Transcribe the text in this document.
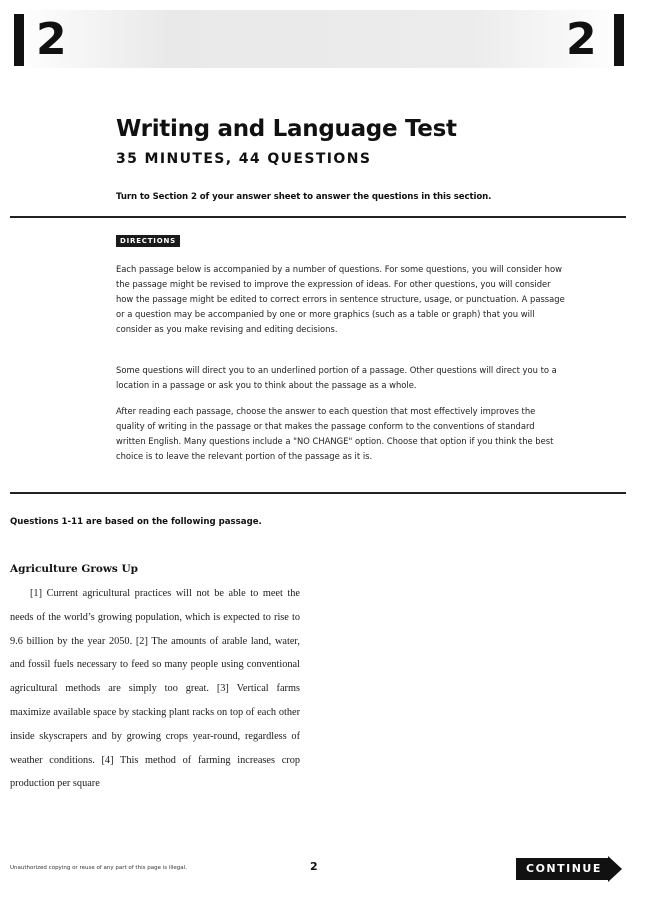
2	2
Writing and Language Test
35 MINUTES, 44 QUESTIONS

Turn to Section 2 of your answer sheet to answer the questions in this section.

DIRECTIONS

Each passage below is accompanied by a number of questions. For some questions, you will consider how the passage might be revised to improve the expression of ideas. For other questions, you will consider how the passage might be edited to correct errors in sentence structure, usage, or punctuation. A passage or a question may be accompanied by one or more graphics (such as a table or graph) that you will consider as you make revising and editing decisions.

Some questions will direct you to an underlined portion of a passage. Other questions will direct you to a location in a passage or ask you to think about the passage as a whole.

After reading each passage, choose the answer to each question that most effectively improves the quality of writing in the passage or that makes the passage conform to the conventions of standard written English. Many questions include a "NO CHANGE" option. Choose that option if you think the best choice is to leave the relevant portion of the passage as it is.

Questions 1-11 are based on the following passage.

Agriculture Grows Up

[1] Current agricultural practices will not be able to meet the needs of the world’s growing population, which is expected to rise to 9.6 billion by the year 2050. [2] The amounts of arable land, water, and fossil fuels necessary to feed so many people using conventional agricultural methods are simply too great. [3] Vertical farms maximize available space by stacking plant racks on top of each other inside skyscrapers and by growing crops year-round, regardless of weather conditions. [4] This method of farming increases crop production per square

Unauthorized copying or reuse of any part of this page is illegal.	2	CONTINUE
